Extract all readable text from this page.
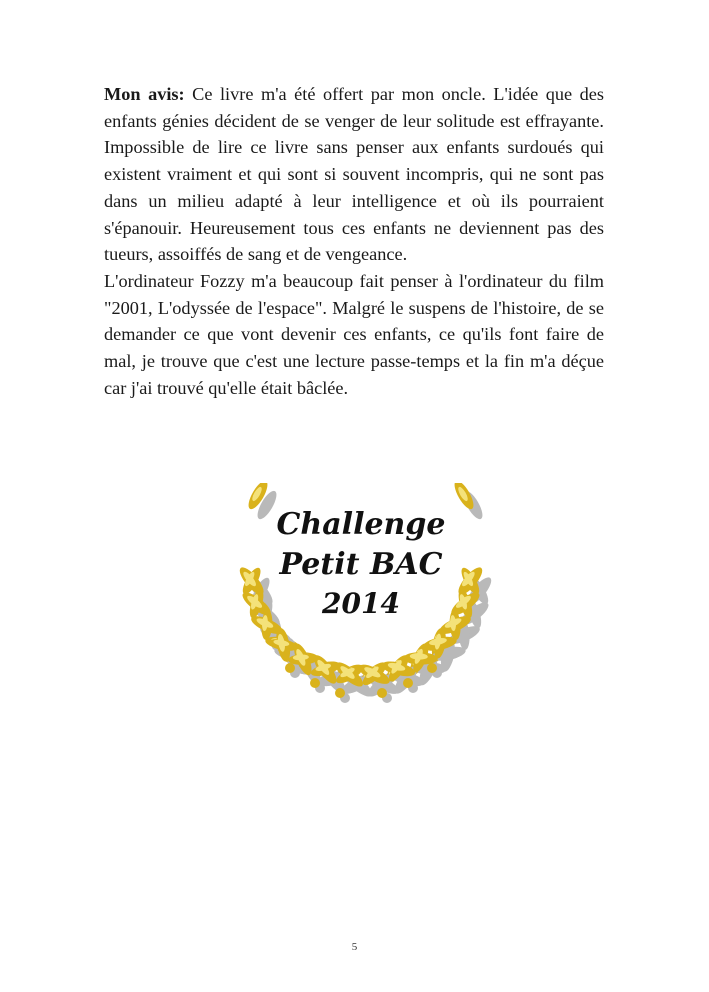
Mon avis: Ce livre m'a été offert par mon oncle. L'idée que des enfants génies décident de se venger de leur solitude est effrayante. Impossible de lire ce livre sans penser aux enfants surdoués qui existent vraiment et qui sont si souvent incompris, qui ne sont pas dans un milieu adapté à leur intelligence et où ils pourraient s'épanouir. Heureusement tous ces enfants ne deviennent pas des tueurs, assoiffés de sang et de vengeance.

L'ordinateur Fozzy m'a beaucoup fait penser à l'ordinateur du film "2001, L'odyssée de l'espace". Malgré le suspens de l'histoire, de se demander ce que vont devenir ces enfants, ce qu'ils font faire de mal, je trouve que c'est une lecture passe-temps et la fin m'a déçue car j'ai trouvé qu'elle était bâclée.

Challenge
Petit BAC
2014
5
